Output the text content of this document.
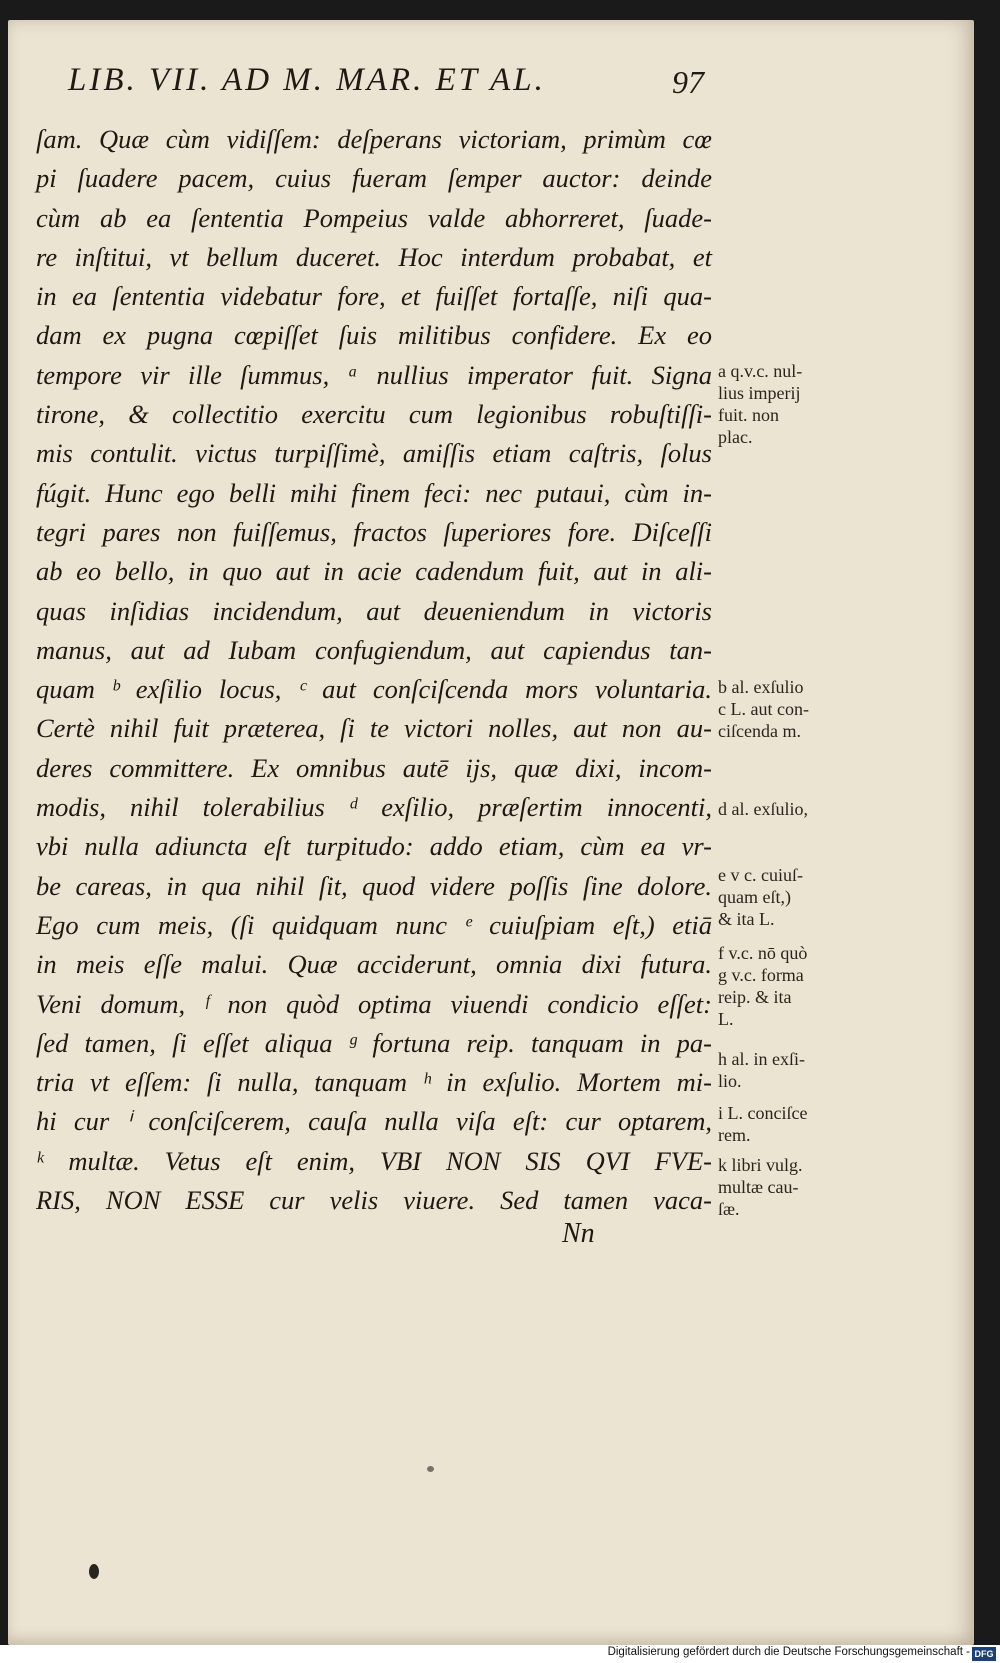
LIB. VII. AD M. MAR. ET AL.	97
ſam. Quæ cùm vidiſſem: deſperans victoriam, primùm cœ
pi ſuadere pacem, cuius fueram ſemper auctor: deinde
cùm ab ea ſententia Pompeius valde abhorreret, ſuade-
re inſtitui, vt bellum duceret. Hoc interdum probabat, et
in ea ſententia videbatur fore, et fuiſſet fortaſſe, niſi qua-
dam ex pugna cœpiſſet ſuis militibus confidere. Ex eo
tempore vir ille ſummus, ᵃ nullius imperator fuit. Signa
tirone, & collectitio exercitu cum legionibus robuſtiſſi-
mis contulit. victus turpiſſimè, amiſſis etiam caſtris, ſolus
fúgit. Hunc ego belli mihi finem feci: nec putaui, cùm in-
tegri pares non fuiſſemus, fractos ſuperiores fore. Diſceſſi
ab eo bello, in quo aut in acie cadendum fuit, aut in ali-
quas inſidias incidendum, aut deueniendum in victoris
manus, aut ad Iubam confugiendum, aut capiendus tan-
quam ᵇ exſilio locus, ᶜ aut conſciſcenda mors voluntaria.
Certè nihil fuit præterea, ſi te victori nolles, aut non au-
deres committere. Ex omnibus autē ijs, quæ dixi, incom-
modis, nihil tolerabilius ᵈ exſilio, præſertim innocenti,
vbi nulla adiuncta eſt turpitudo: addo etiam, cùm ea vr-
be careas, in qua nihil ſit, quod videre poſſis ſine dolore.
Ego cum meis, (ſi quidquam nunc ᵉ cuiuſpiam eſt,) etiā
in meis eſſe malui. Quæ acciderunt, omnia dixi futura.
Veni domum, ᶠ non quòd optima viuendi condicio eſſet:
ſed tamen, ſi eſſet aliqua ᵍ fortuna reip. tanquam in pa-
tria vt eſſem: ſi nulla, tanquam ʰ in exſulio. Mortem mi-
hi cur ⁱ conſciſcerem, cauſa nulla viſa eſt: cur optarem,
ᵏ multæ. Vetus eſt enim, VBI NON SIS QVI FVE-
RIS, NON ESSE cur velis viuere. Sed tamen vaca-
Nn
a q.v.c. nul-
lius imperij
fuit. non
plac.
b al. exſulio
c L. aut con-
ciſcenda m.
d al. exſulio,
e v c. cuiuſ-
quam eſt,)
& ita L.
f v.c. nō quò
g v.c. forma
reip. & ita
L.
h al. in exſi-
lio.
i L. conciſce
rem.
k libri vulg.
multæ cau-
ſæ.
Digitalisierung gefördert durch die Deutsche Forschungsgemeinschaft - DFG
